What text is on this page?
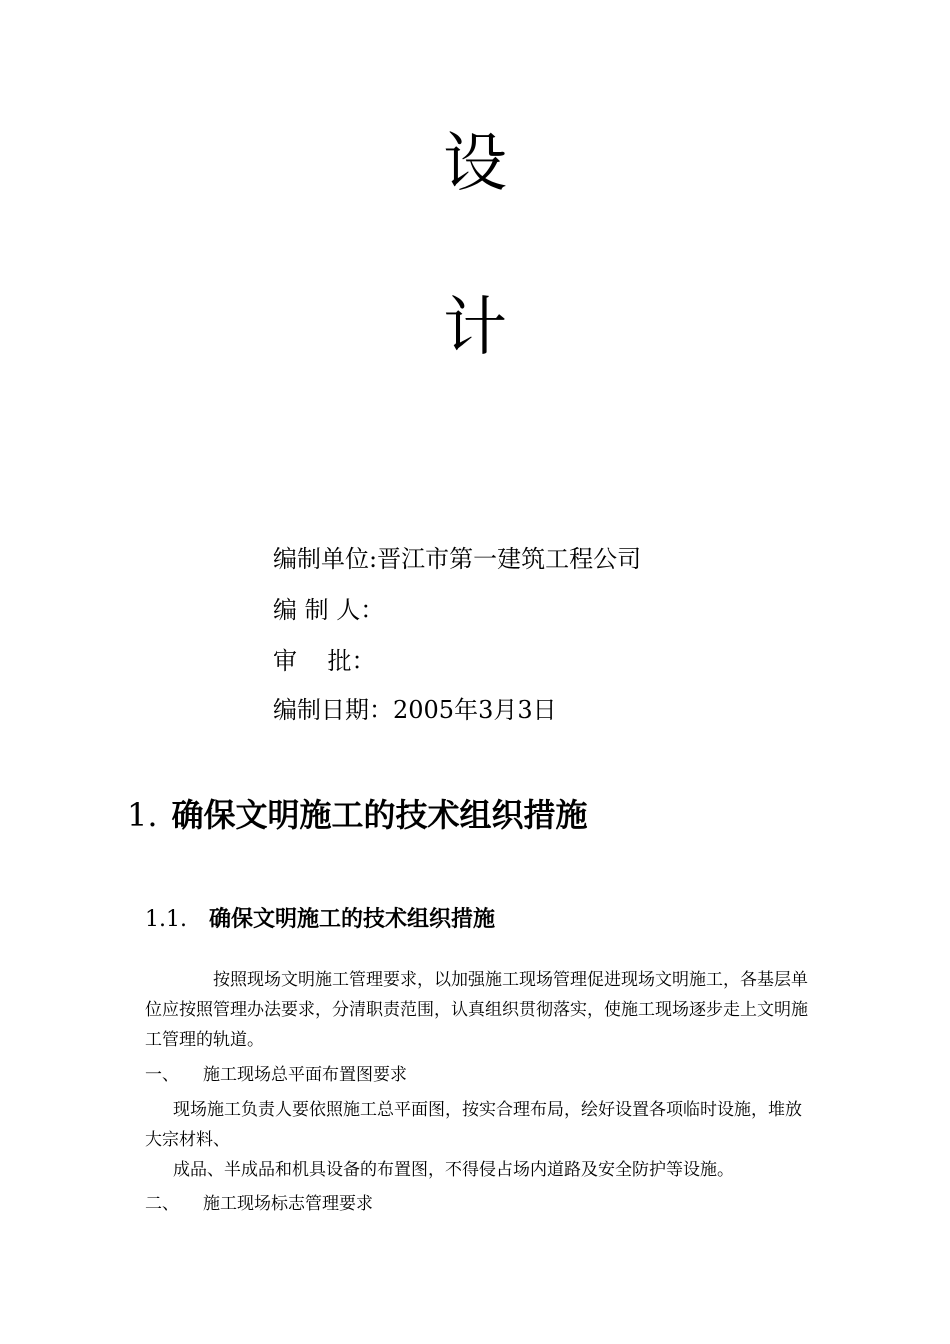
设
计
编制单位:晋江市第一建筑工程公司
编 制 人：
审    批：
编制日期：2005年3月3日
1. 确保文明施工的技术组织措施
1.1. 确保文明施工的技术组织措施
按照现场文明施工管理要求，以加强施工现场管理促进现场文明施工，各基层单位应按照管理办法要求，分清职责范围，认真组织贯彻落实，使施工现场逐步走上文明施工管理的轨道。
一、 施工现场总平面布置图要求
现场施工负责人要依照施工总平面图，按实合理布局，绘好设置各项临时设施，堆放大宗材料、
成品、半成品和机具设备的布置图，不得侵占场内道路及安全防护等设施。
二、 施工现场标志管理要求
